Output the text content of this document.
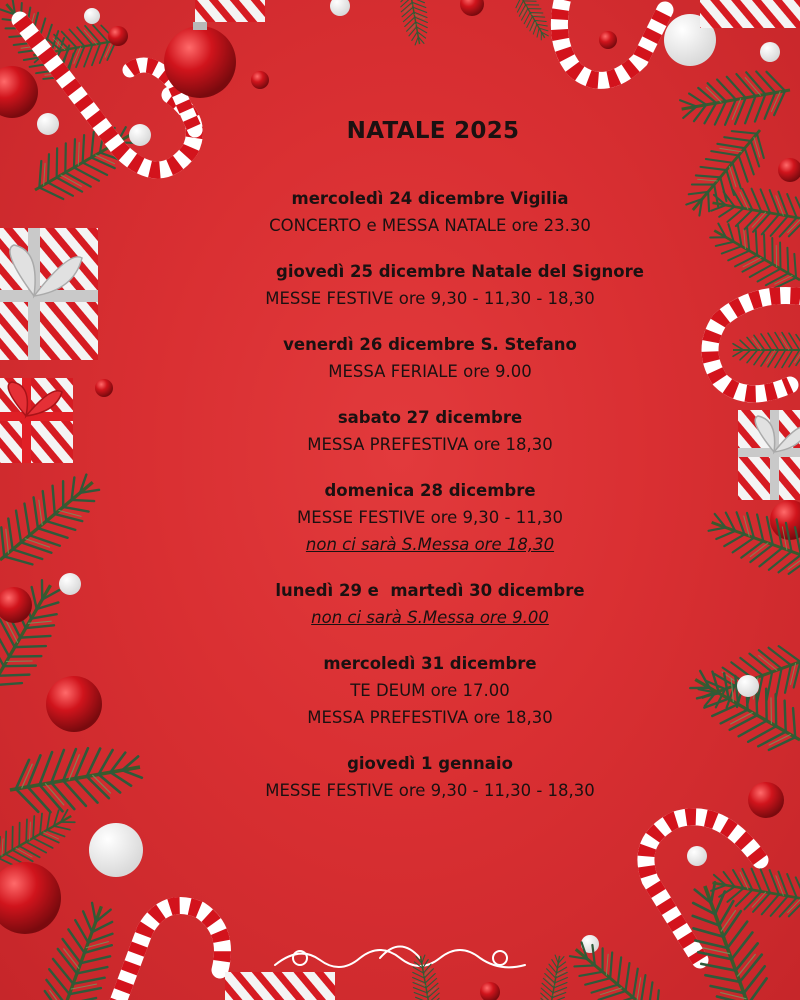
NATALE 2025
mercoledì 24 dicembre Vigilia
CONCERTO e MESSA NATALE ore 23.30
giovedì 25 dicembre Natale del Signore
MESSE FESTIVE ore 9,30 - 11,30 - 18,30
venerdì 26 dicembre S. Stefano
MESSA FERIALE ore 9.00
sabato 27 dicembre
MESSA PREFESTIVA ore 18,30
domenica 28 dicembre
MESSE FESTIVE ore 9,30 - 11,30
non ci sarà S.Messa ore 18,30
lunedì 29 e  martedì 30 dicembre
non ci sarà S.Messa ore 9.00
mercoledì 31 dicembre
TE DEUM ore 17.00
MESSA PREFESTIVA ore 18,30
giovedì 1 gennaio
MESSE FESTIVE ore 9,30 - 11,30 - 18,30
